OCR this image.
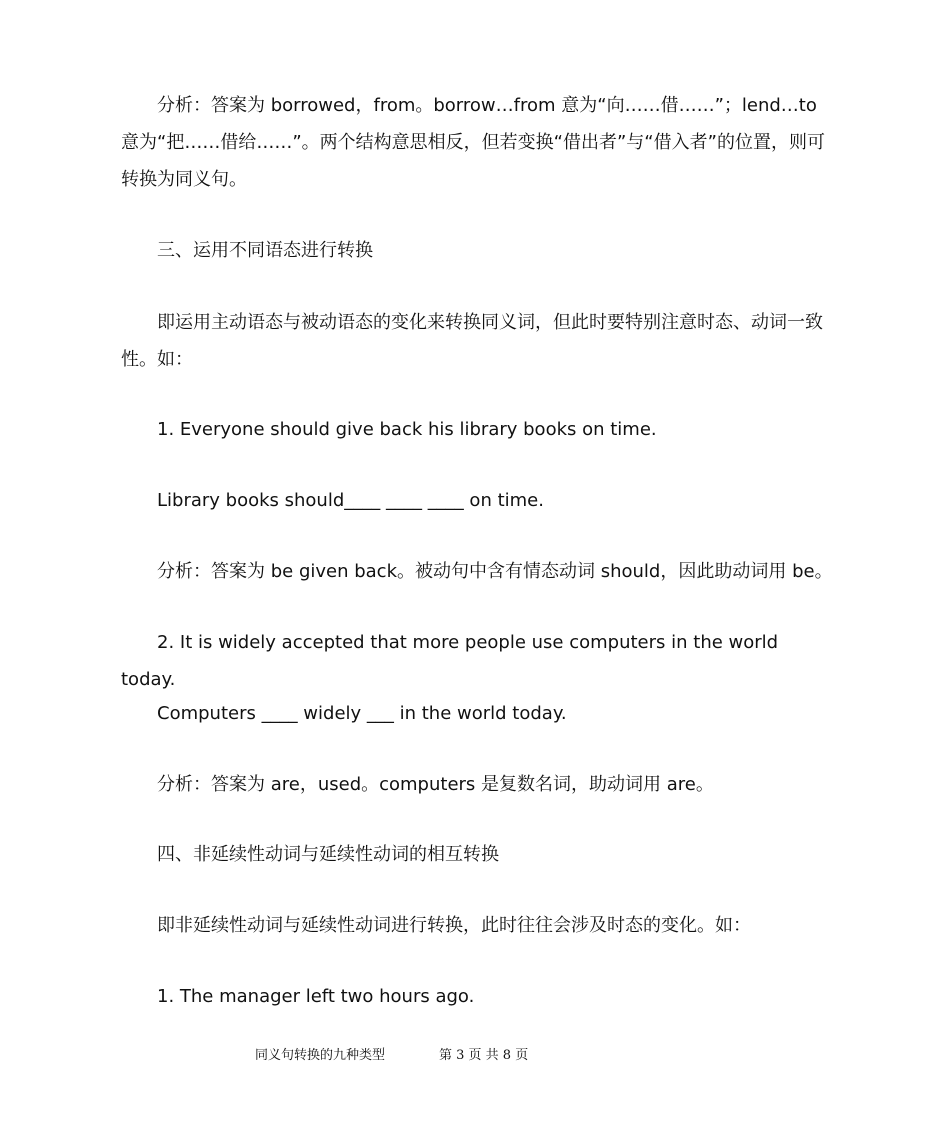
分析：答案为 borrowed，from。borrow…from 意为“向……借……”；lend…to 意为“把……借给……”。两个结构意思相反，但若变换“借出者”与“借入者”的位置，则可转换为同义句。

三、运用不同语态进行转换

即运用主动语态与被动语态的变化来转换同义词，但此时要特别注意时态、动词一致性。如：

1. Everyone should give back his library books on time.

Library books should____ ____ ____ on time.

分析：答案为 be given back。被动句中含有情态动词 should，因此助动词用 be。

2. It is widely accepted that more people use computers in the world today.

Computers ____ widely ___ in the world today.

分析：答案为 are，used。computers 是复数名词，助动词用 are。

四、非延续性动词与延续性动词的相互转换

即非延续性动词与延续性动词进行转换，此时往往会涉及时态的变化。如：

1. The manager left two hours ago.

同义句转换的九种类型	第 3 页 共 8 页
